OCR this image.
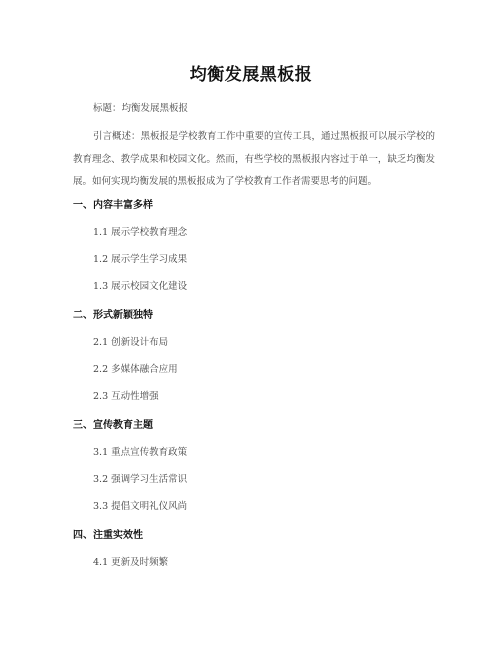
均衡发展黑板报

标题：均衡发展黑板报

引言概述：黑板报是学校教育工作中重要的宣传工具，通过黑板报可以展示学校的教育理念、教学成果和校园文化。然而，有些学校的黑板报内容过于单一，缺乏均衡发展。如何实现均衡发展的黑板报成为了学校教育工作者需要思考的问题。

一、内容丰富多样

1.1 展示学校教育理念

1.2 展示学生学习成果

1.3 展示校园文化建设

二、形式新颖独特

2.1 创新设计布局

2.2 多媒体融合应用

2.3 互动性增强

三、宣传教育主题

3.1 重点宣传教育政策

3.2 强调学习生活常识

3.3 提倡文明礼仪风尚

四、注重实效性

4.1 更新及时频繁
